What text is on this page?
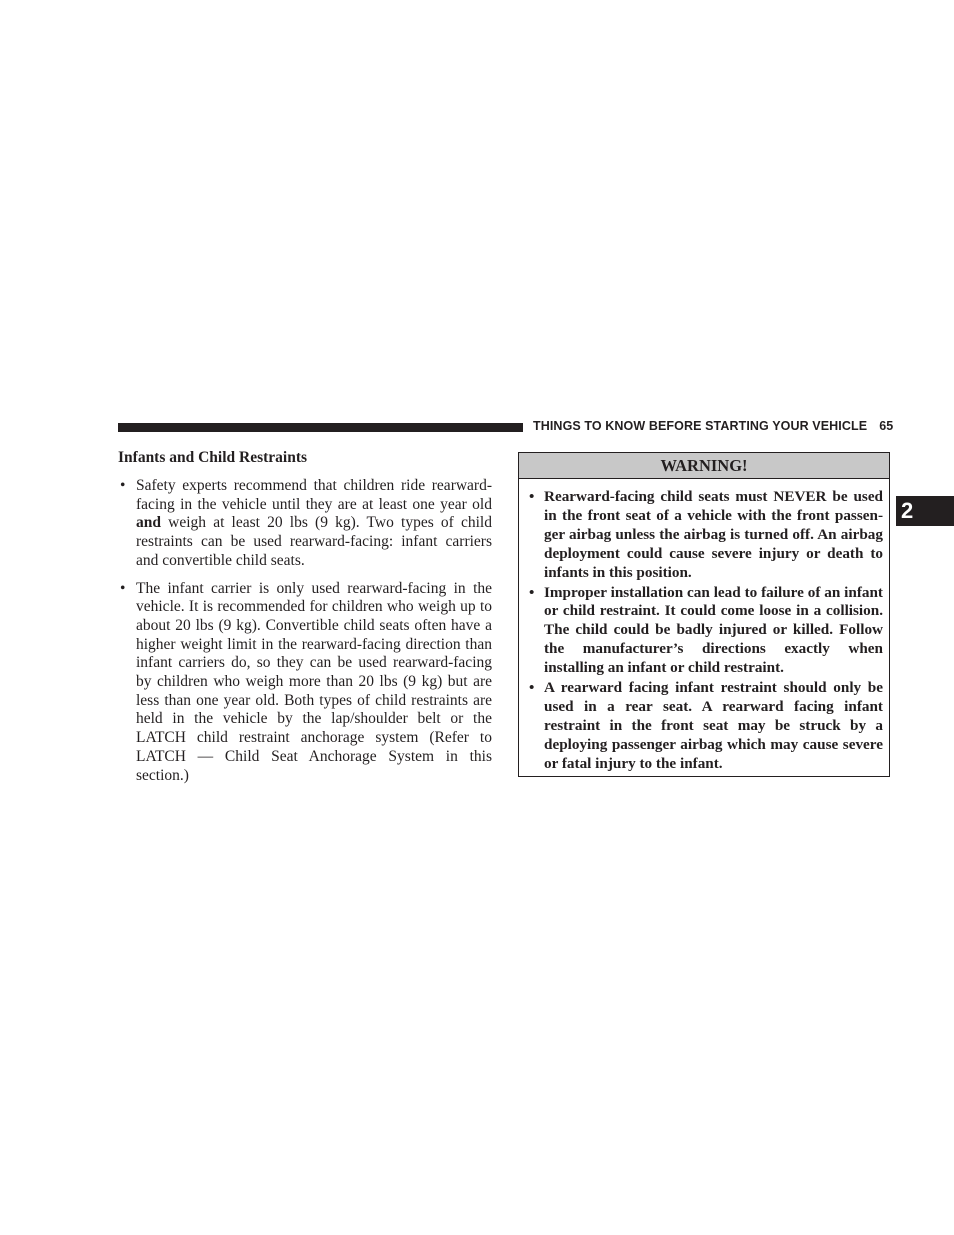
THINGS TO KNOW BEFORE STARTING YOUR VEHICLE 65
2
Infants and Child Restraints
• Safety experts recommend that children ride rearward-facing in the vehicle until they are at least one year old and weigh at least 20 lbs (9 kg). Two types of child restraints can be used rearward-facing: infant carriers and convertible child seats.
• The infant carrier is only used rearward-facing in the vehicle. It is recommended for children who weigh up to about 20 lbs (9 kg). Convertible child seats often have a higher weight limit in the rearward-facing direction than infant carriers do, so they can be used rearward-facing by children who weigh more than 20 lbs (9 kg) but are less than one year old. Both types of child restraints are held in the vehicle by the lap/shoulder belt or the LATCH child restraint anchorage system (Refer to LATCH — Child Seat Anchorage System in this section.)
WARNING!
• Rearward-facing child seats must NEVER be used in the front seat of a vehicle with the front passenger airbag unless the airbag is turned off. An airbag deployment could cause severe injury or death to infants in this position.
• Improper installation can lead to failure of an infant or child restraint. It could come loose in a collision. The child could be badly injured or killed. Follow the manufacturer’s directions exactly when installing an infant or child restraint.
• A rearward facing infant restraint should only be used in a rear seat. A rearward facing infant restraint in the front seat may be struck by a deploying passenger airbag which may cause severe or fatal injury to the infant.
